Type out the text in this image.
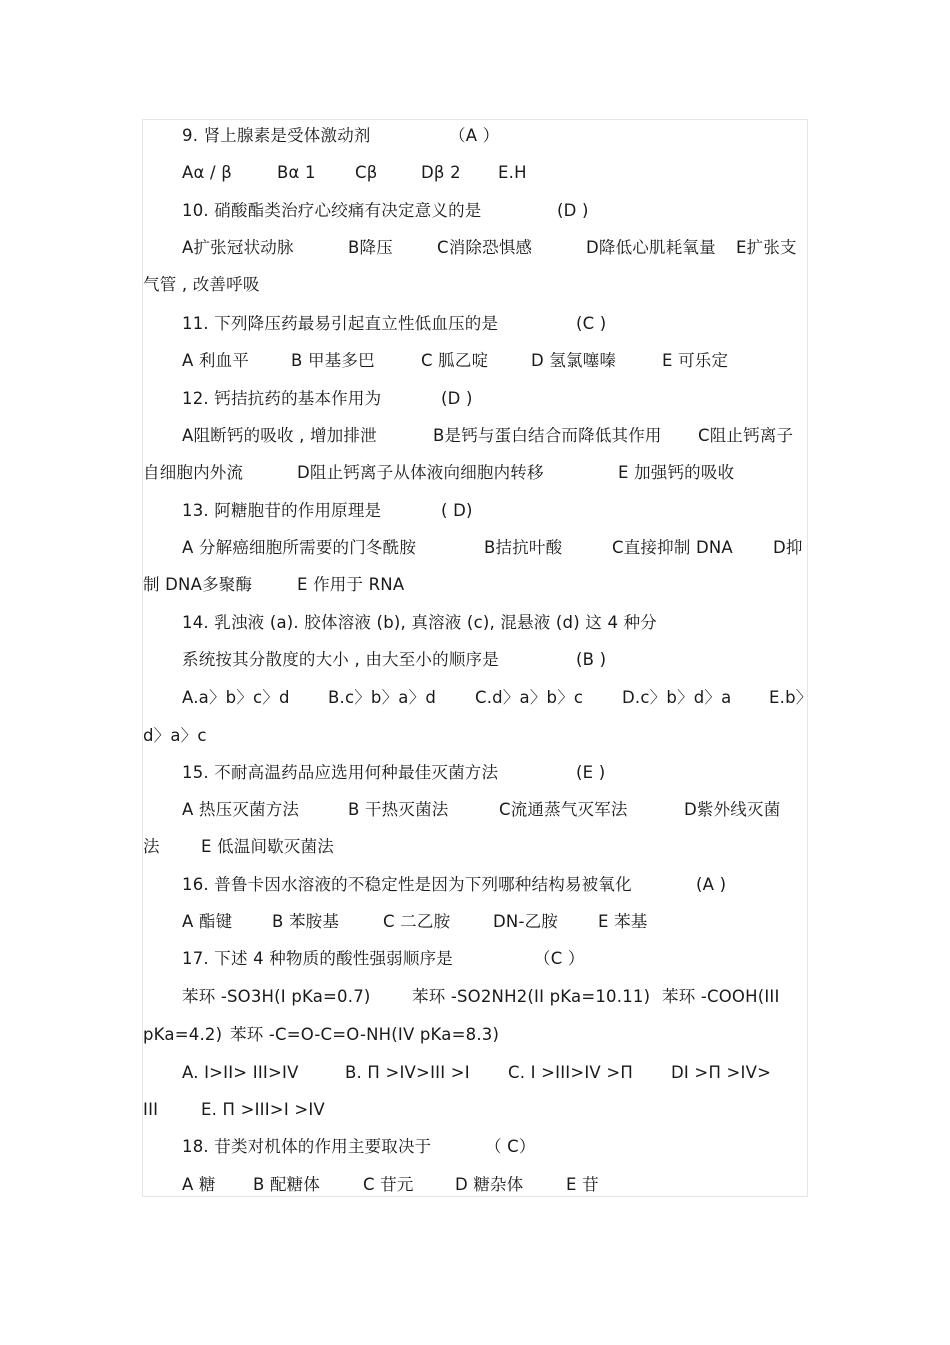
9. 肾上腺素是受体激动剂	（A ）
Aα / β	Bα 1 Cβ	Dβ 2 E.H
10. 硝酸酯类治疗心绞痛有决定意义的是	(D )
A扩张冠状动脉	B降压	C消除恐惧感	D降低心肌耗氧量 E扩张支
气管 , 改善呼吸
11. 下列降压药最易引起直立性低血压的是	(C )
A 利血平	B 甲基多巴	C 胍乙啶	D 氢氯噻嗪	E 可乐定
12. 钙拮抗药的基本作用为	(D )
A阻断钙的吸收 , 增加排泄	B是钙与蛋白结合而降低其作用 C阻止钙离子
自细胞内外流	D阻止钙离子从体液向细胞内转移	E 加强钙的吸收
13. 阿糖胞苷的作用原理是	( D)
A 分解癌细胞所需要的门冬酰胺	B拮抗叶酸	C直接抑制 DNA D抑
制 DNA多聚酶	E 作用于 RNA
14. 乳浊液 (a). 胶体溶液 (b), 真溶液 (c), 混悬液 (d) 这 4 种分
系统按其分散度的大小 , 由大至小的顺序是	(B )
A.a〉b〉c〉d B.c〉b〉a〉d C.d〉a〉b〉c D.c〉b〉d〉a E.b〉
d〉a〉c
15. 不耐高温药品应选用何种最佳灭菌方法	(E )
A 热压灭菌方法	B 干热灭菌法	C流通蒸气灭军法	D紫外线灭菌
法	E 低温间歇灭菌法
16. 普鲁卡因水溶液的不稳定性是因为下列哪种结构易被氧化	(A )
A 酯键 B 苯胺基	C 二乙胺	DN-乙胺 E 苯基
17. 下述 4 种物质的酸性强弱顺序是	（C ）
苯环 -SO3H(I pKa=0.7)	苯环 -SO2NH2(II pKa=10.11) 苯环 -COOH(III
pKa=4.2) 苯环 -C=O-C=O-NH(IV pKa=8.3)
A. I>II> III>IV	B. Π >IV>III >I C. I >III>IV >Π DI >Π >IV>
III	E. Π >III>I >IV
18. 苷类对机体的作用主要取决于	（ C）
A 糖 B 配糖体	C 苷元	D 糖杂体	E 苷
